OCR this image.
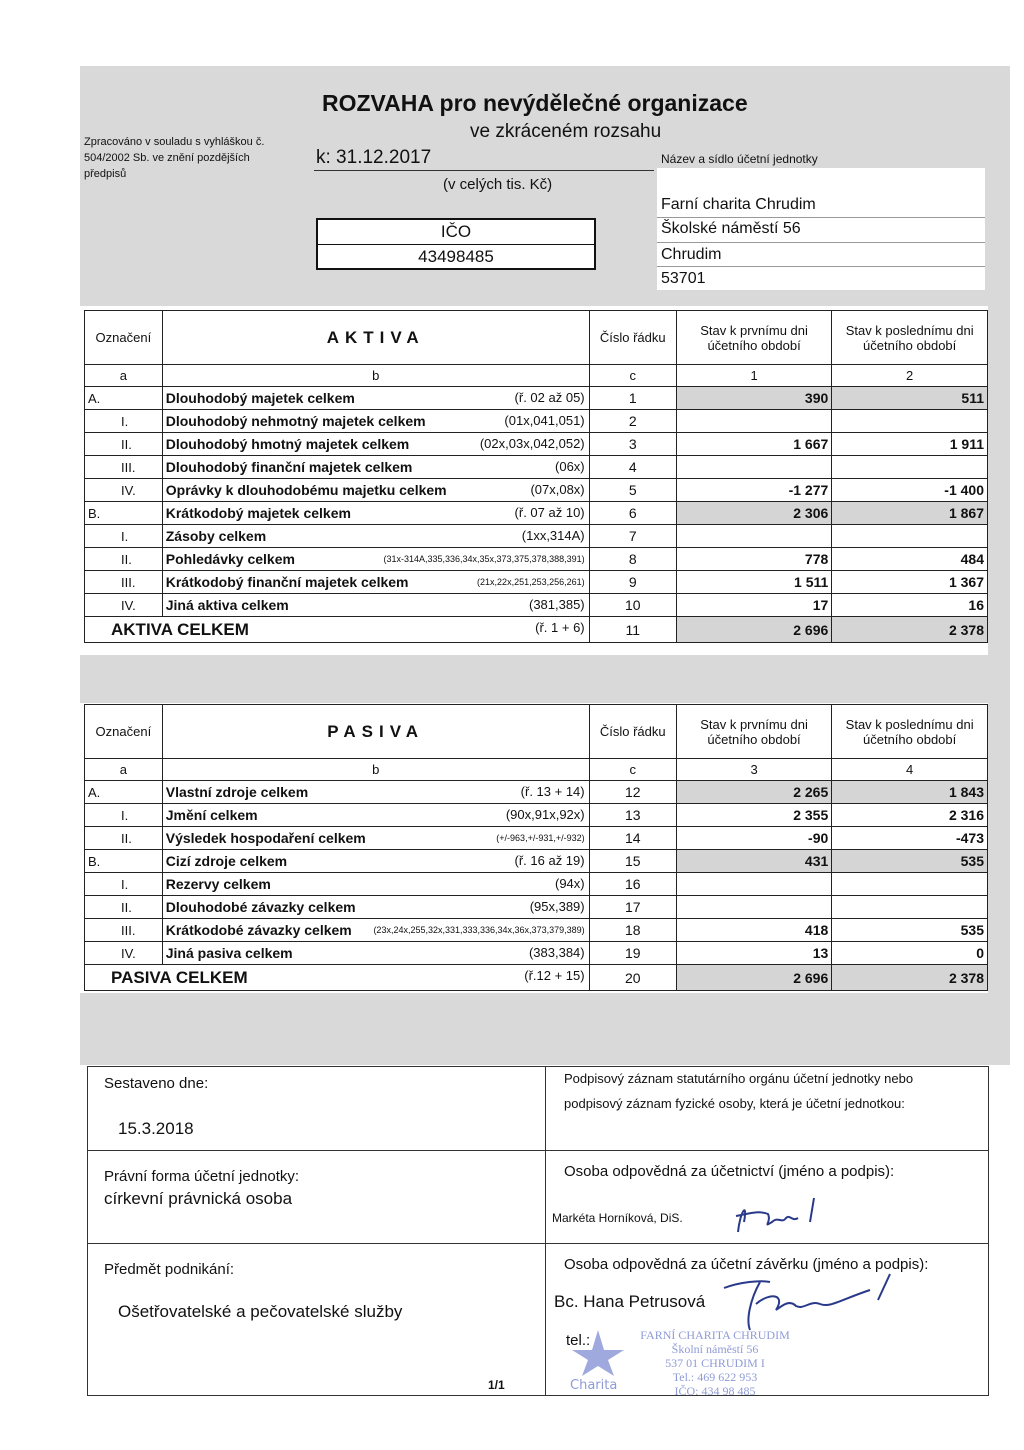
Zpracováno v souladu s vyhláškou č.
504/2002 Sb. ve znění pozdějších
předpisů
ROZVAHA pro nevýdělečné organizace
ve zkráceném rozsahu
k: 31.12.2017
(v celých tis. Kč)
IČO
43498485
Název a sídlo účetní jednotky
Farní charita Chrudim
Školské náměstí 56
Chrudim
53701
Označení	AKTIVA	Číslo řádku	Stav k prvnímu dni účetního období	Stav k poslednímu dni účetního období
a	b	c	1	2
A.	Dlouhodobý majetek celkem (ř. 02 až 05)	1	390	511
I.	Dlouhodobý nehmotný majetek celkem (01x,041,051)	2		
II.	Dlouhodobý hmotný majetek celkem (02x,03x,042,052)	3	1 667	1 911
III.	Dlouhodobý finanční majetek celkem (06x)	4		
IV.	Oprávky k dlouhodobému majetku celkem (07x,08x)	5	-1 277	-1 400
B.	Krátkodobý majetek celkem (ř. 07 až 10)	6	2 306	1 867
I.	Zásoby celkem (1xx,314A)	7		
II.	Pohledávky celkem (31x-314A,335,336,34x,35x,373,375,378,388,391)	8	778	484
III.	Krátkodobý finanční majetek celkem (21x,22x,251,253,256,261)	9	1 511	1 367
IV.	Jiná aktiva celkem (381,385)	10	17	16
AKTIVA CELKEM (ř. 1 + 6)		11	2 696	2 378
Označení	PASIVA	Číslo řádku	Stav k prvnímu dni účetního období	Stav k poslednímu dni účetního období
a	b	c	3	4
A.	Vlastní zdroje celkem (ř. 13 + 14)	12	2 265	1 843
I.	Jmění celkem (90x,91x,92x)	13	2 355	2 316
II.	Výsledek hospodaření celkem (+/-963,+/-931,+/-932)	14	-90	-473
B.	Cizí zdroje celkem (ř. 16 až 19)	15	431	535
I.	Rezervy celkem (94x)	16		
II.	Dlouhodobé závazky celkem (95x,389)	17		
III.	Krátkodobé závazky celkem (23x,24x,255,32x,331,333,336,34x,36x,373,379,389)	18	418	535
IV.	Jiná pasiva celkem (383,384)	19	13	0
PASIVA CELKEM (ř.12 + 15)		20	2 696	2 378
Sestaveno dne:
15.3.2018
Právní forma účetní jednotky:
církevní právnická osoba
Předmět podnikání:
Ošetřovatelské a pečovatelské služby
Podpisový záznam statutárního orgánu účetní jednotky nebo
podpisový záznam fyzické osoby, která je účetní jednotkou:
Osoba odpovědná za účetnictví (jméno a podpis):
Markéta Horníková, DiS.
Osoba odpovědná za účetní závěrku (jméno a podpis):
Bc. Hana Petrusová
tel.:
Charita
FARNÍ CHARITA CHRUDIM
Školní náměstí 56
537 01 CHRUDIM I
Tel.: 469 622 953
IČO: 434 98 485
1/1
